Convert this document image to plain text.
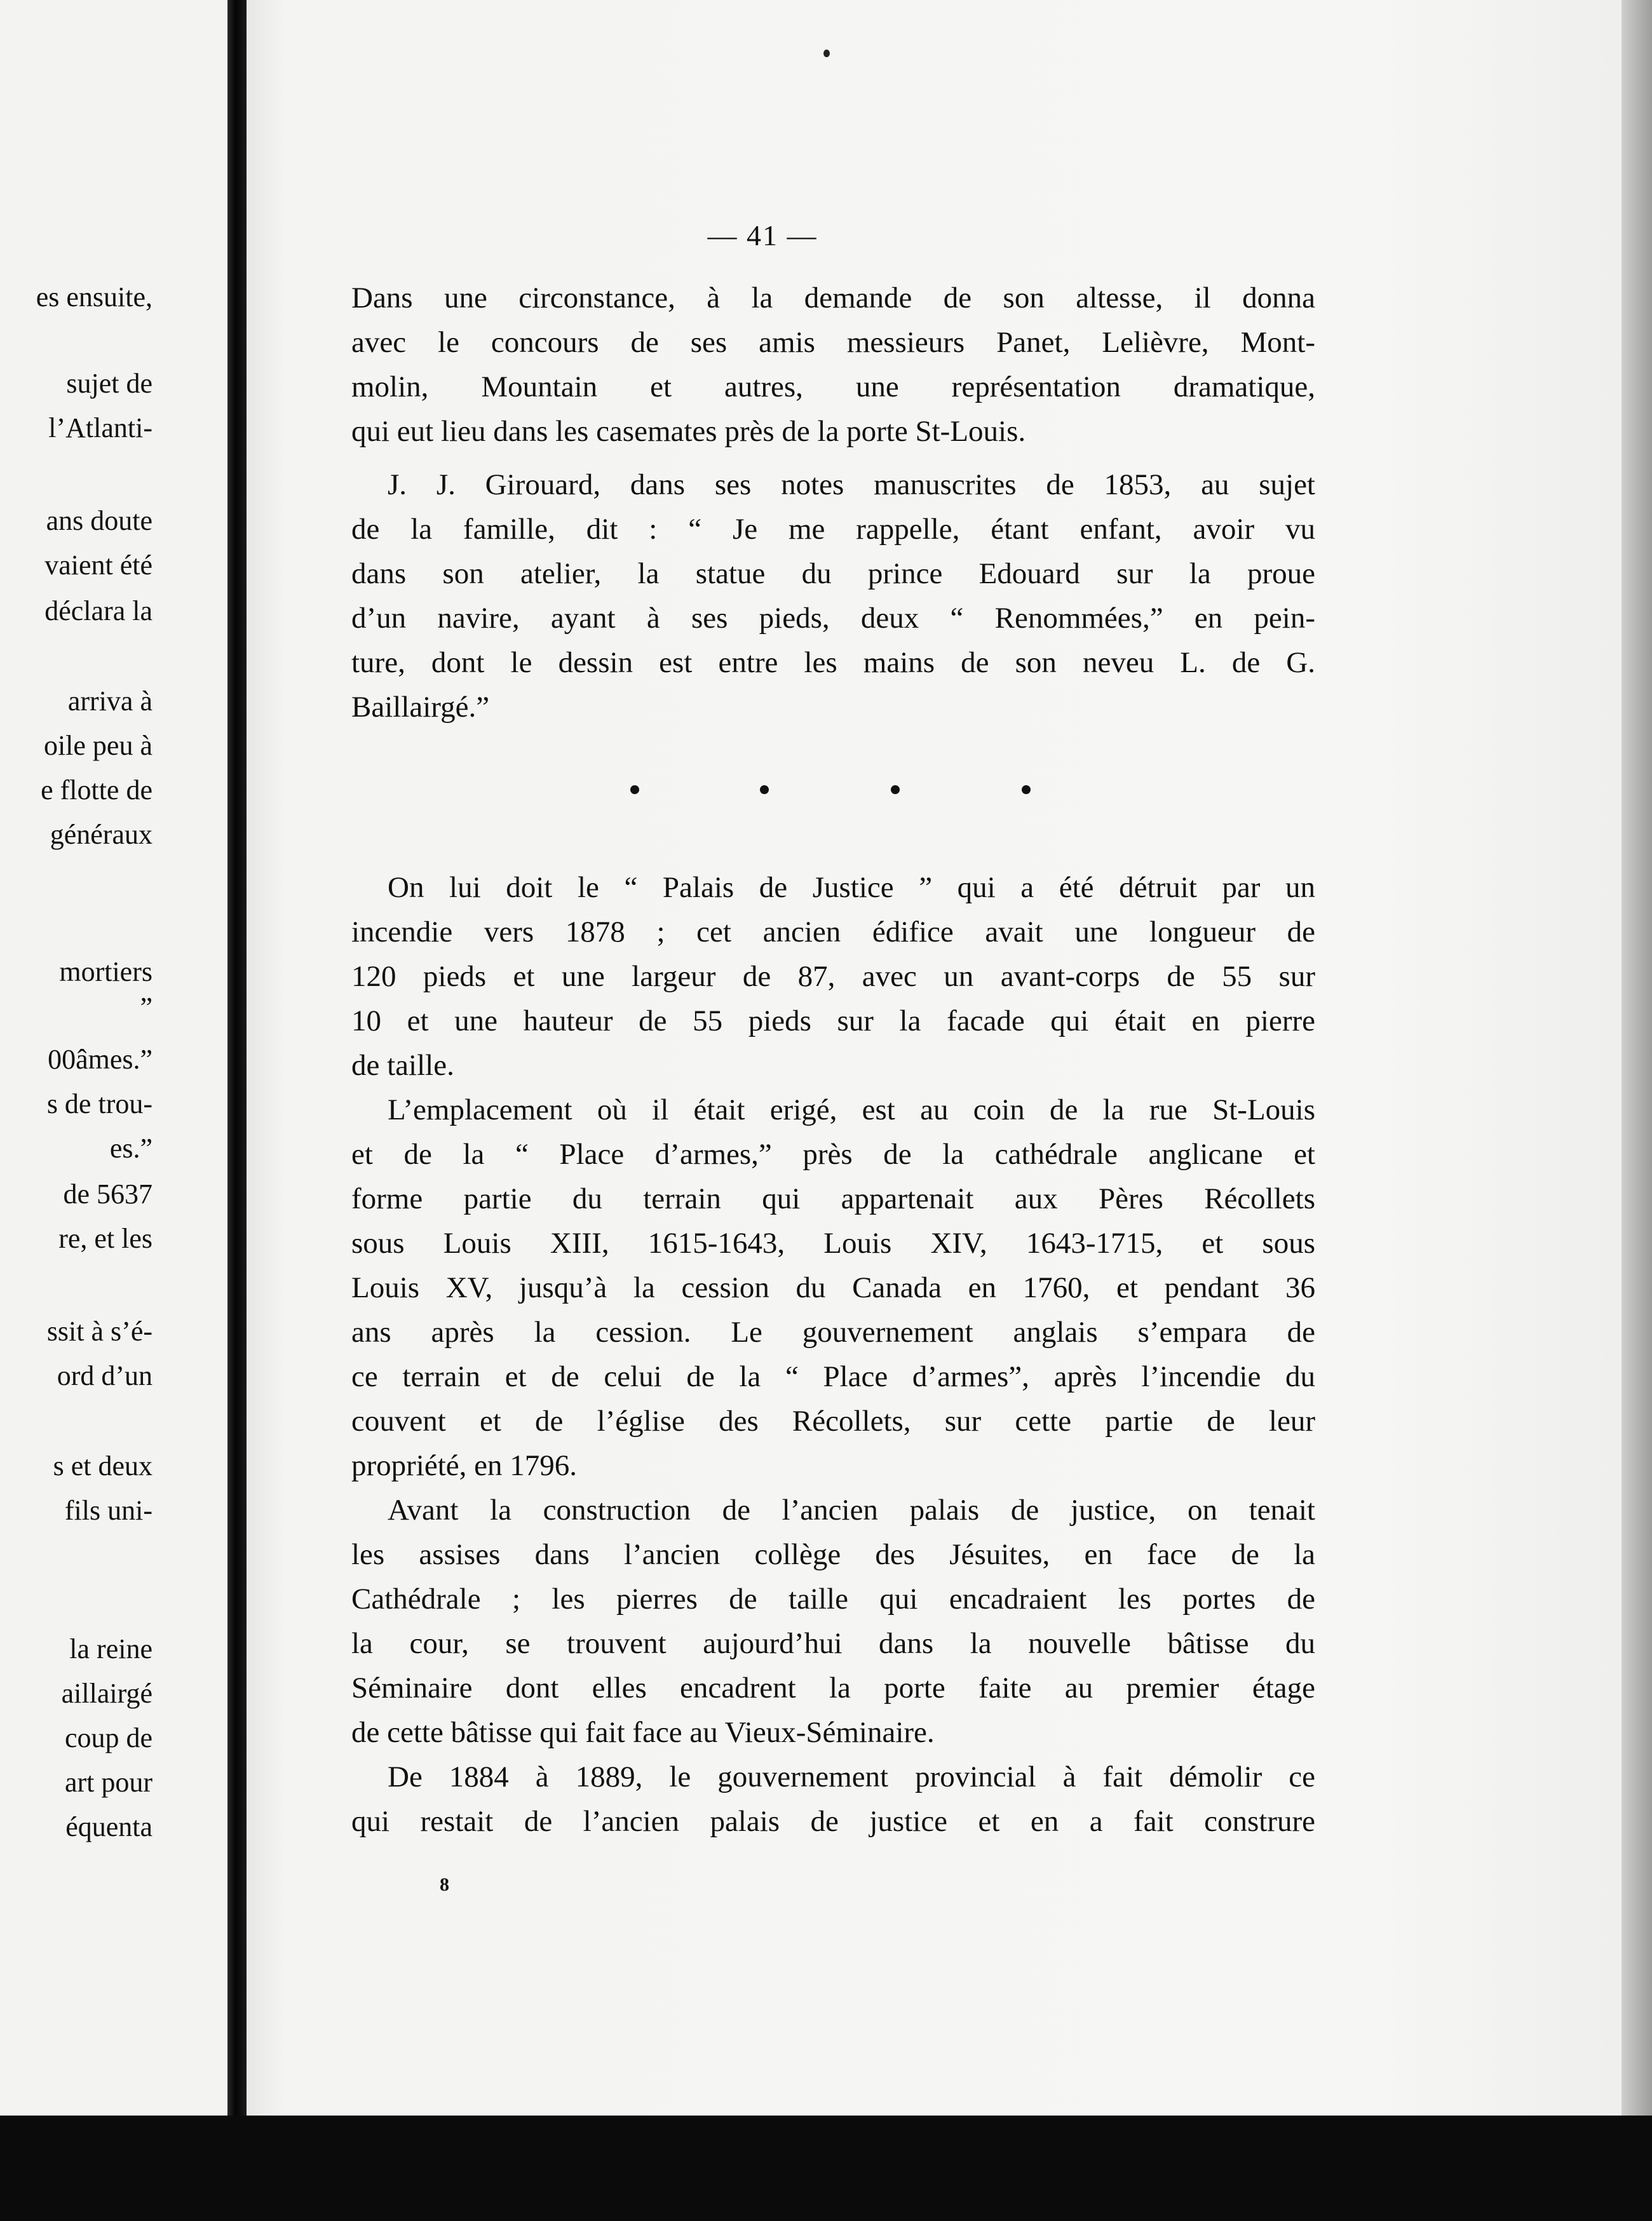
es ensuite,
sujet de
l’Atlanti-
ans doute
vaient été
déclara la
arriva à
oile peu à
e flotte de
généraux
mortiers
”
00âmes.”
s de trou-
es.”
de 5637
re, et les
ssit à s’é-
ord d’un
s et deux
fils uni-
la reine
aillairgé
coup de
art pour
équenta
— 41 —
Dans une circonstance, à la demande de son altesse, il donna
avec le concours de ses amis messieurs Panet, Lelièvre, Mont-
molin, Mountain et autres, une représentation dramatique,
qui eut lieu dans les casemates près de la porte St-Louis.
J. J. Girouard, dans ses notes manuscrites de 1853, au sujet
de la famille, dit : “ Je me rappelle, étant enfant, avoir vu
dans son atelier, la statue du prince Edouard sur la proue
d’un navire, ayant à ses pieds, deux “ Renommées,” en pein-
ture, dont le dessin est entre les mains de son neveu L. de G.
Baillairgé.”
On lui doit le “ Palais de Justice ” qui a été détruit par un
incendie vers 1878 ; cet ancien édifice avait une longueur de
120 pieds et une largeur de 87, avec un avant-corps de 55 sur
10 et une hauteur de 55 pieds sur la facade qui était en pierre
de taille.
L’emplacement où il était erigé, est au coin de la rue St-Louis
et de la “ Place d’armes,” près de la cathédrale anglicane et
forme partie du terrain qui appartenait aux Pères Récollets
sous Louis XIII, 1615-1643, Louis XIV, 1643-1715, et sous
Louis XV, jusqu’à la cession du Canada en 1760, et pendant 36
ans après la cession. Le gouvernement anglais s’empara de
ce terrain et de celui de la “ Place d’armes”, après l’incendie du
couvent et de l’église des Récollets, sur cette partie de leur
propriété, en 1796.
Avant la construction de l’ancien palais de justice, on tenait
les assises dans l’ancien collège des Jésuites, en face de la
Cathédrale ; les pierres de taille qui encadraient les portes de
la cour, se trouvent aujourd’hui dans la nouvelle bâtisse du
Séminaire dont elles encadrent la porte faite au premier étage
de cette bâtisse qui fait face au Vieux-Séminaire.
De 1884 à 1889, le gouvernement provincial à fait démolir ce
qui restait de l’ancien palais de justice et en a fait construre
8
